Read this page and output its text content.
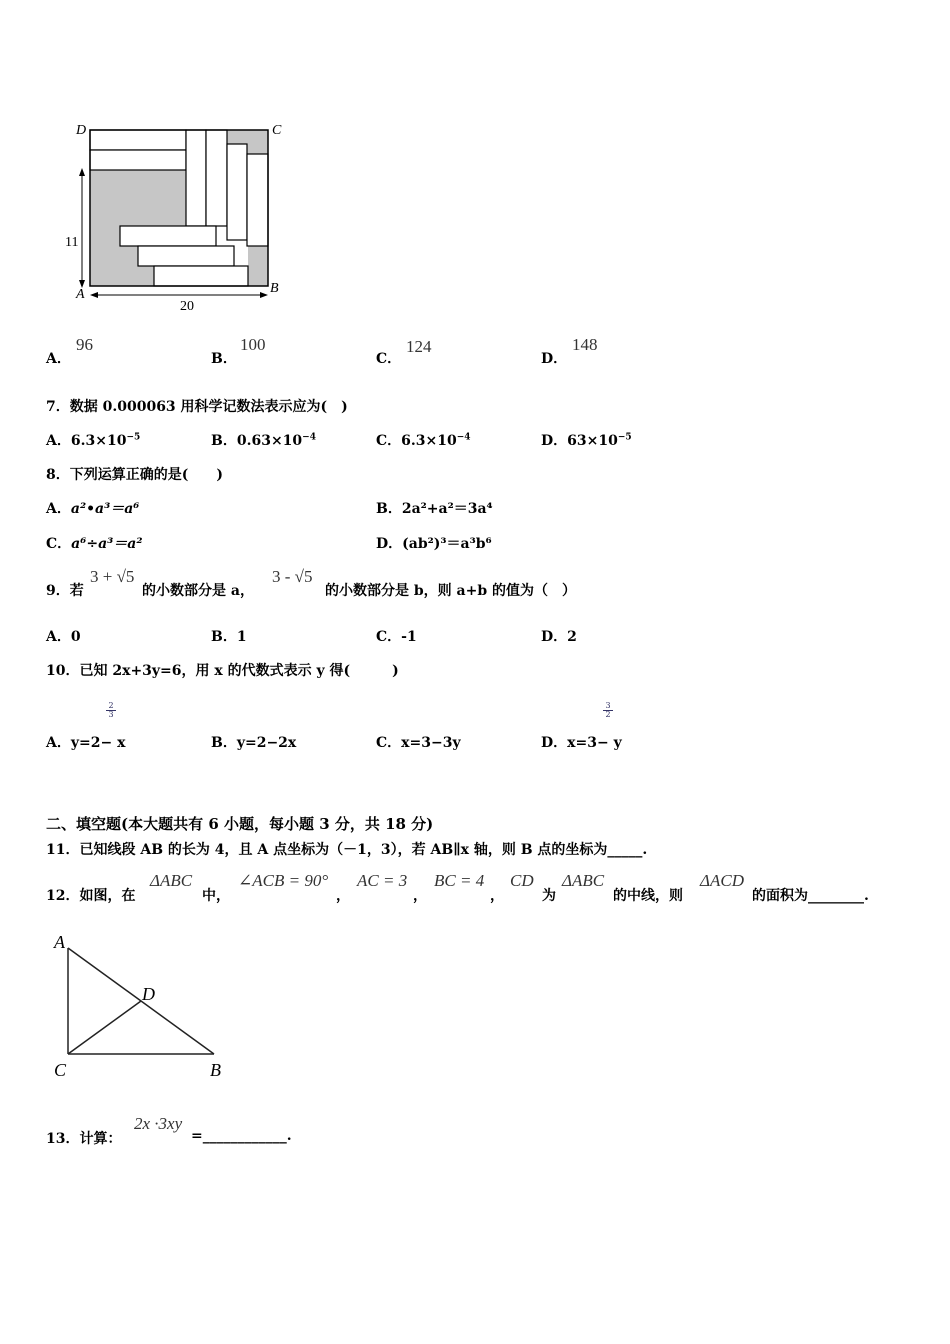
D	C
A	B
11
20
A．
96
B．
100
C．
124
D．
148
7．数据 0.000063 用科学记数法表示应为(　)
A．$6.3\times 10^{-5}$	B．$0.63\times 10^{-4}$	C．$6.3\times 10^{-4}$	D．$63\times 10^{-5}$
8．下列运算正确的是(　　)
A．a²•a³＝a⁶	B．2a²+a²＝3a⁴
C．a⁶÷a³＝a²	D．(ab²)³＝a³b⁶
9．若
3 + √5
的小数部分是 a，
3 - √5
的小数部分是 b，则 a+b 的值为（　）
A．0	B．1	C．-1	D．2
10．已知 2x+3y=6，用 x 的代数式表示 y 得(　　　)
$\frac{2}{3}$
A．y=2− x	B．y=2−2x	C．x=3−3y
$\frac{3}{2}$
D．x=3− y
二、填空题(本大题共有 6 小题，每小题 3 分，共 18 分)
11．已知线段 AB 的长为 4，且 A 点坐标为（－1，3），若 AB∥x 轴，则 B 点的坐标为_____.
12．如图，在
ΔABC
中，
∠ACB = 90°
，
AC = 3
，
BC = 4
，
CD
为
ΔABC
的中线，则
ΔACD
的面积为________.
A
D
C	B
13．计算：
2x ·3xy
=____________.
